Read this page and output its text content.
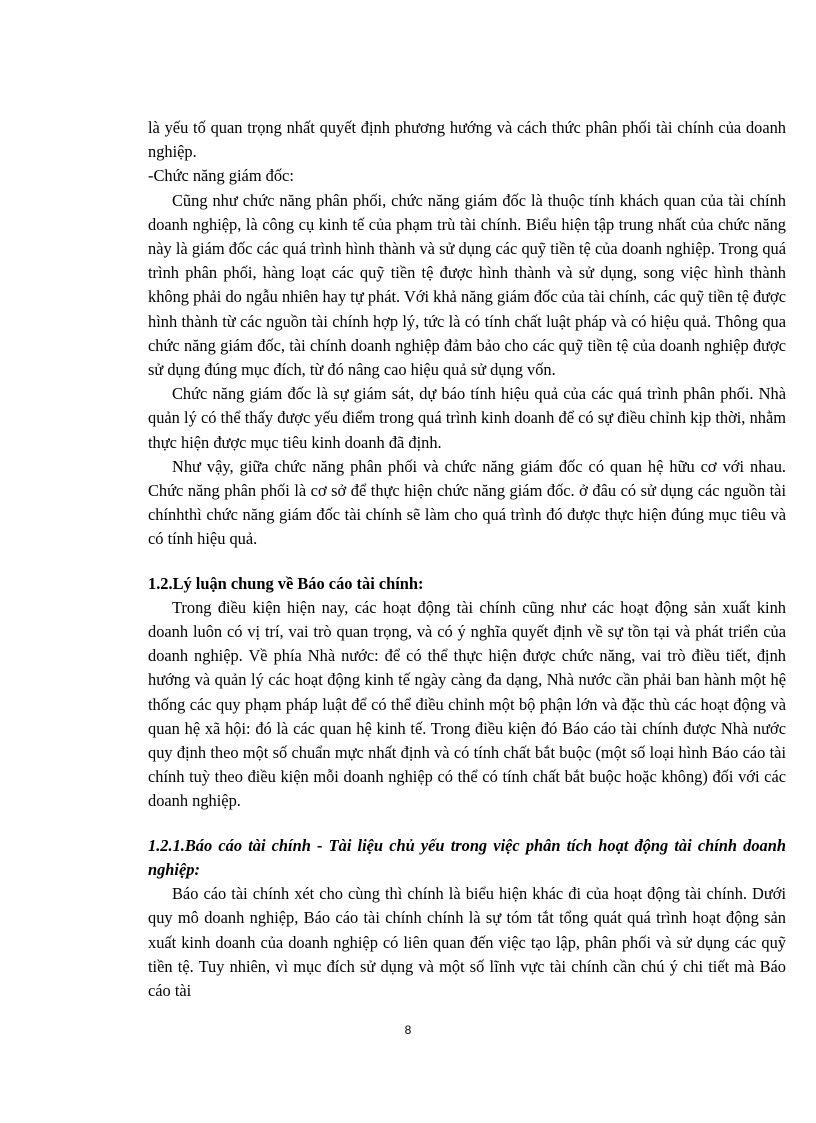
là yếu tố quan trọng nhất quyết định phương hướng và cách thức phân phối tài chính của doanh nghiệp.

-Chức năng giám đốc:

Cũng như chức năng phân phối, chức năng giám đốc là thuộc tính khách quan của tài chính doanh nghiệp, là công cụ kinh tế của phạm trù tài chính. Biểu hiện tập trung nhất của chức năng này là giám đốc các quá trình hình thành và sử dụng các quỹ tiền tệ của doanh nghiệp. Trong quá trình phân phối, hàng loạt các quỹ tiền tệ được hình thành và sử dụng, song việc hình thành không phải do ngẫu nhiên hay tự phát. Với khả năng giám đốc của tài chính, các quỹ tiền tệ được hình thành từ các nguồn tài chính hợp lý, tức là có tính chất luật pháp và có hiệu quả. Thông qua chức năng giám đốc, tài chính doanh nghiệp đảm bảo cho các quỹ tiền tệ của doanh nghiệp được sử dụng đúng mục đích, từ đó nâng cao hiệu quả sử dụng vốn.

Chức năng giám đốc là sự giám sát, dự báo tính hiệu quả của các quá trình phân phối. Nhà quản lý có thể thấy được yếu điểm trong quá trình kinh doanh để có sự điều chỉnh kịp thời, nhằm thực hiện được mục tiêu kinh doanh đã định.

Như vậy, giữa chức năng phân phối và chức năng giám đốc có quan hệ hữu cơ với nhau. Chức năng phân phối là cơ sở để thực hiện chức năng giám đốc. ở đâu có sử dụng các nguồn tài chínhthì chức năng giám đốc tài chính sẽ làm cho quá trình đó được thực hiện đúng mục tiêu và có tính hiệu quả.

1.2.Lý luận chung về Báo cáo tài chính:

Trong điều kiện hiện nay, các hoạt động tài chính cũng như các hoạt động sản xuất kinh doanh luôn có vị trí, vai trò quan trọng, và có ý nghĩa quyết định về sự tồn tại và phát triển của doanh nghiệp. Về phía Nhà nước: để có thể thực hiện được chức năng, vai trò điều tiết, định hướng và quản lý các hoạt động kinh tế ngày càng đa dạng, Nhà nước cần phải ban hành một hệ thống các quy phạm pháp luật để có thể điều chỉnh một bộ phận lớn và đặc thù các hoạt động và quan hệ xã hội: đó là các quan hệ kinh tế. Trong điều kiện đó Báo cáo tài chính được Nhà nước quy định theo một số chuẩn mực nhất định và có tính chất bắt buộc (một số loại hình Báo cáo tài chính tuỳ theo điều kiện mỗi doanh nghiệp có thể có tính chất bắt buộc hoặc không) đối với các doanh nghiệp.

1.2.1.Báo cáo tài chính - Tài liệu chủ yếu trong việc phân tích hoạt động tài chính doanh nghiệp:

Báo cáo tài chính xét cho cùng thì chính là biểu hiện khác đi của hoạt động tài chính. Dưới quy mô doanh nghiệp, Báo cáo tài chính chính là sự tóm tắt tổng quát quá trình hoạt động sản xuất kinh doanh của doanh nghiệp có liên quan đến việc tạo lập, phân phối và sử dụng các quỹ tiền tệ. Tuy nhiên, vì mục đích sử dụng và một số lĩnh vực tài chính cần chú ý chi tiết mà Báo cáo tài

8
